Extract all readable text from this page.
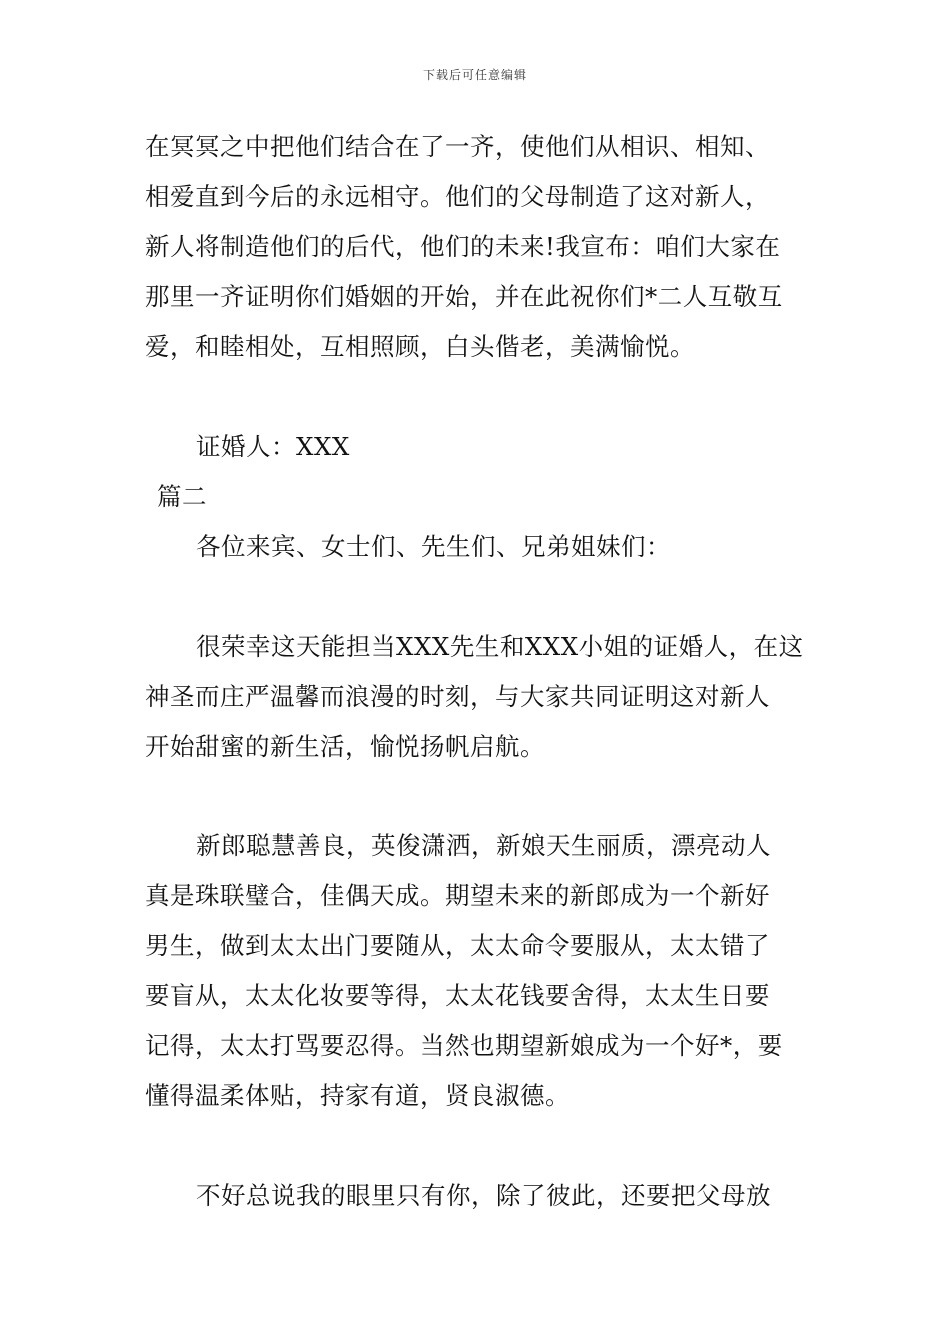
下载后可任意编辑
在冥冥之中把他们结合在了一齐，使他们从相识、相知、
相爱直到今后的永远相守。他们的父母制造了这对新人，
新人将制造他们的后代，他们的未来!我宣布：咱们大家在
那里一齐证明你们婚姻的开始，并在此祝你们*二人互敬互
爱，和睦相处，互相照顾，白头偕老，美满愉悦。
证婚人：XXX
篇二
各位来宾、女士们、先生们、兄弟姐妹们：
很荣幸这天能担当XXX先生和XXX小姐的证婚人，在这
神圣而庄严温馨而浪漫的时刻，与大家共同证明这对新人
开始甜蜜的新生活，愉悦扬帆启航。
新郎聪慧善良，英俊潇洒，新娘天生丽质，漂亮动人
真是珠联璧合，佳偶天成。期望未来的新郎成为一个新好
男生，做到太太出门要随从，太太命令要服从，太太错了
要盲从，太太化妆要等得，太太花钱要舍得，太太生日要
记得，太太打骂要忍得。当然也期望新娘成为一个好*，要
懂得温柔体贴，持家有道，贤良淑德。
不好总说我的眼里只有你，除了彼此，还要把父母放
